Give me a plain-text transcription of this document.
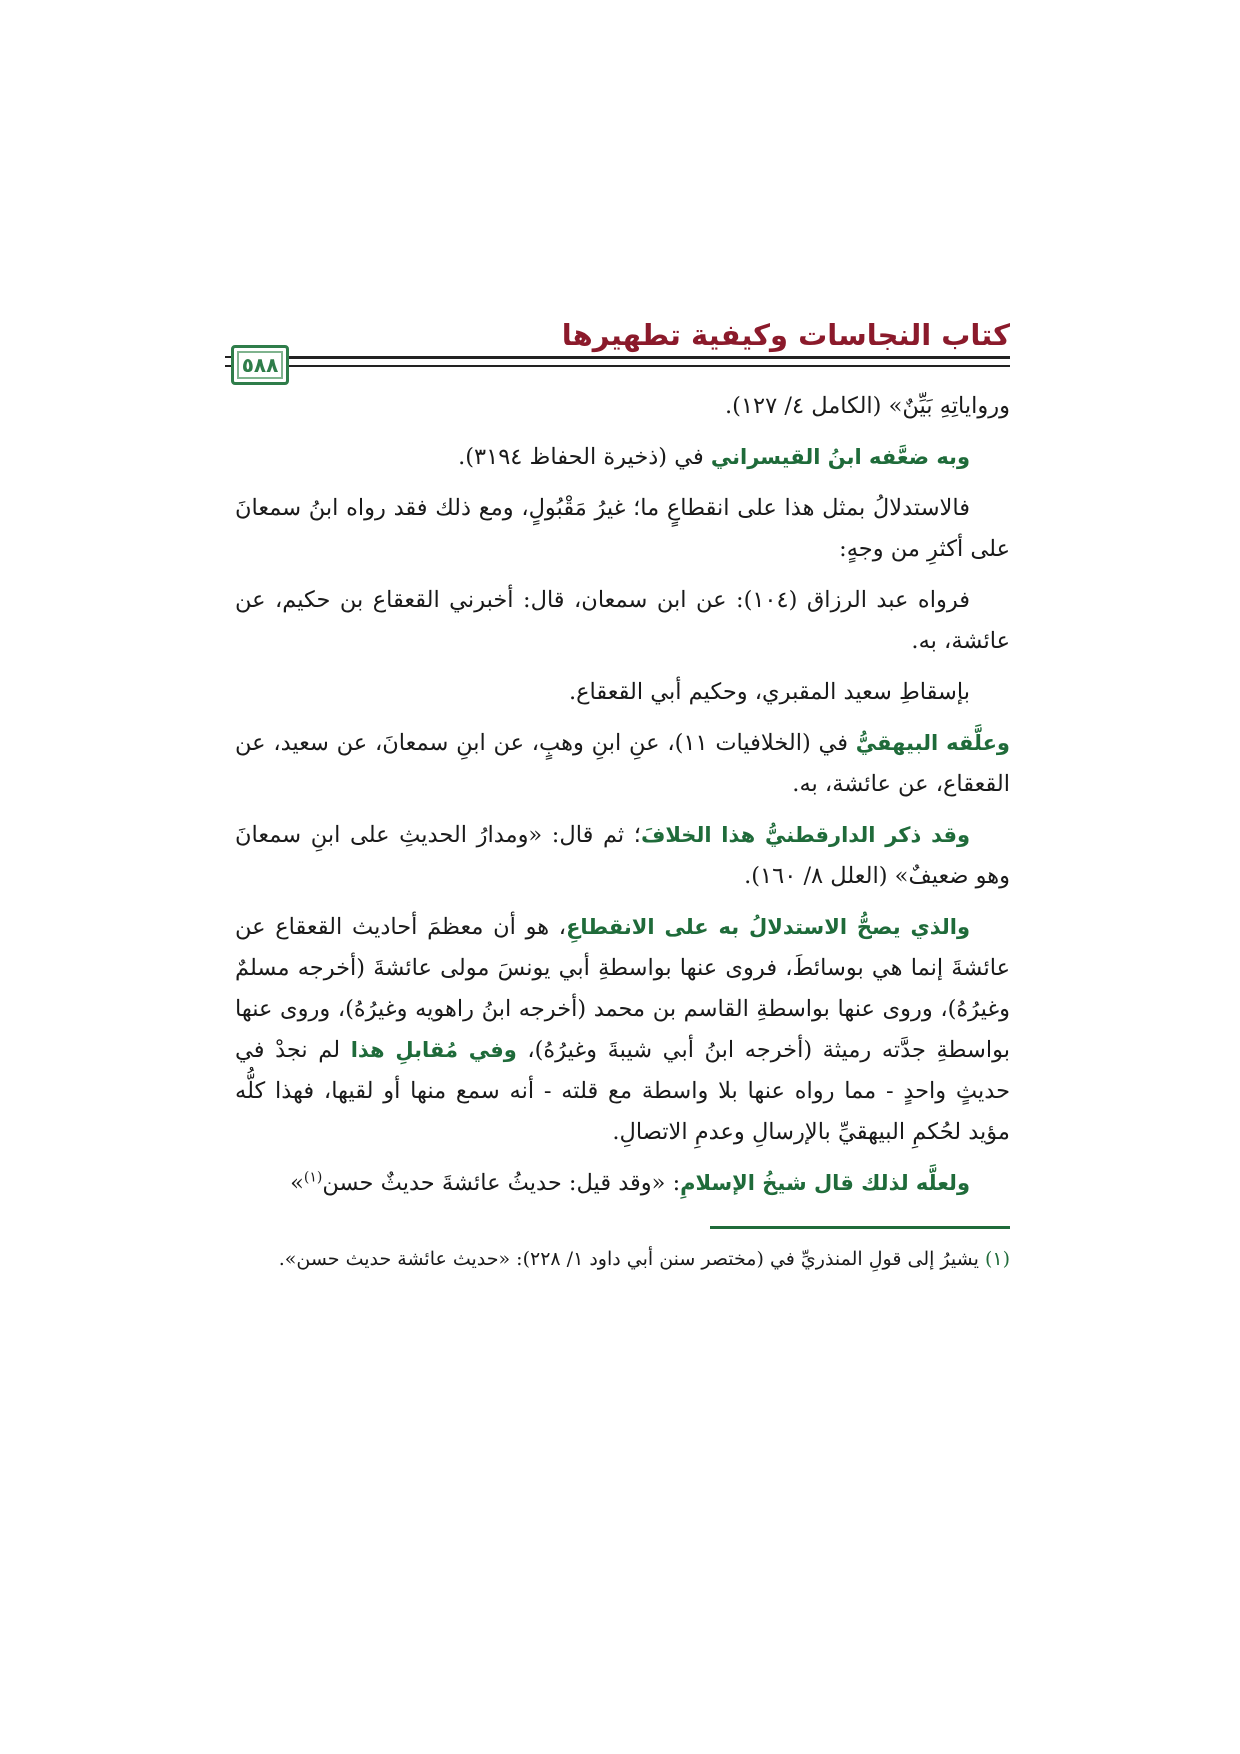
كتاب النجاسات وكيفية تطهيرها
٥٨٨

ورواياتِهِ بَيِّنٌ» (الكامل ٤/ ١٢٧).

وبه ضعَّفه ابنُ القيسراني في (ذخيرة الحفاظ ٣١٩٤).

فالاستدلالُ بمثل هذا على انقطاعٍ ما؛ غيرُ مَقْبُولٍ، ومع ذلك فقد رواه ابنُ سمعانَ على أكثرِ من وجهٍ:

فرواه عبد الرزاق (١٠٤): عن ابن سمعان، قال: أخبرني القعقاع بن حكيم، عن عائشة، به.

بإسقاطِ سعيد المقبري، وحكيم أبي القعقاع.

وعلَّقه البيهقيُّ في (الخلافيات ١١)، عنِ ابنِ وهبٍ، عن ابنِ سمعانَ، عن سعيد، عن القعقاع، عن عائشة، به.

وقد ذكر الدارقطنيُّ هذا الخلافَ؛ ثم قال: «ومدارُ الحديثِ على ابنِ سمعانَ وهو ضعيفٌ» (العلل ٨/ ١٦٠).

والذي يصحُّ الاستدلالُ به على الانقطاعِ، هو أن معظمَ أحاديث القعقاع عن عائشةَ إنما هي بوسائطَ، فروى عنها بواسطةِ أبي يونسَ مولى عائشةَ (أخرجه مسلمٌ وغيرُهُ)، وروى عنها بواسطةِ القاسم بن محمد (أخرجه ابنُ راهويه وغيرُهُ)، وروى عنها بواسطةِ جدَّته رميثة (أخرجه ابنُ أبي شيبةَ وغيرُهُ)، وفي مُقابلِ هذا لم نجدْ في حديثٍ واحدٍ - مما رواه عنها بلا واسطة مع قلته - أنه سمع منها أو لقيها، فهذا كلُّه مؤيد لحُكمِ البيهقيِّ بالإرسالِ وعدمِ الاتصالِ.

ولعلَّه لذلك قال شيخُ الإسلامِ: «وقد قيل: حديثُ عائشةَ حديثٌ حسن$^{(١)}$»

(١) يشيرُ إلى قولِ المنذريِّ في (مختصر سنن أبي داود ١/ ٢٢٨): «حديث عائشة حديث حسن».
